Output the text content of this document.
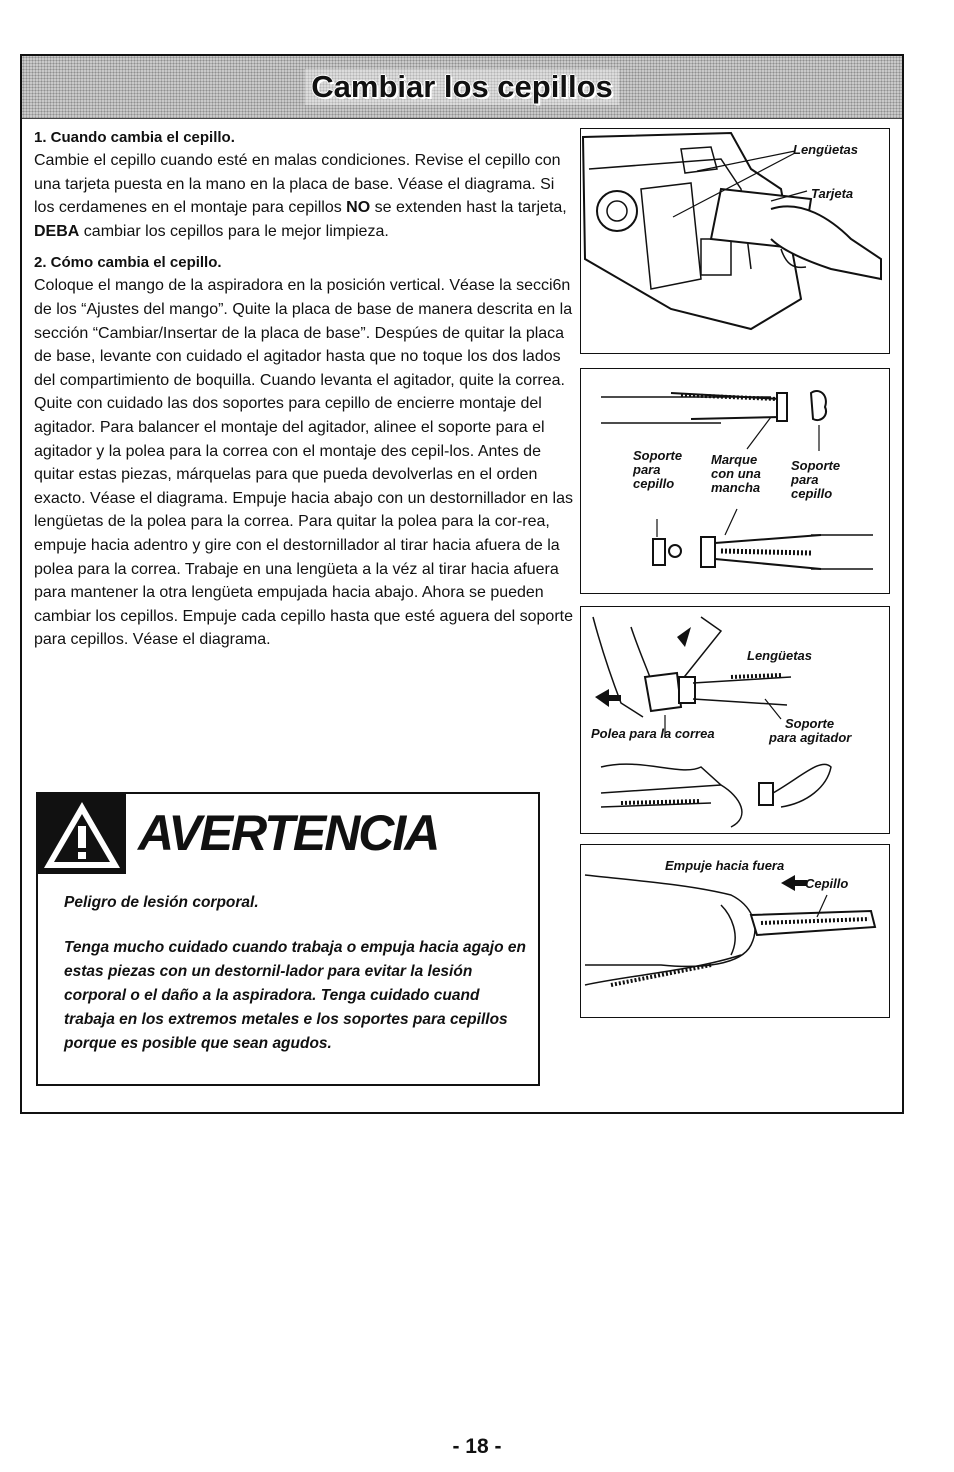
Cambiar los cepillos
1. Cuando cambia el cepillo.

Cambie el cepillo cuando esté en malas condiciones. Revise el cepillo con una tarjeta puesta en la mano en la placa de base. Véase el diagrama. Si los cerdamenes en el montaje para cepillos NO se extenden hast la tarjeta, DEBA cambiar los cepillos para le mejor limpieza.

2. Cómo cambia el cepillo.

Coloque el mango de la aspiradora en la posición vertical. Véase la secci6n de los “Ajustes del mango”. Quite la placa de base de manera descrita en la sección “Cambiar/Insertar de la placa de base”. Despúes de quitar la placa de base, levante con cuidado el agitador hasta que no toque los dos lados del compartimiento de boquilla. Cuando levanta el agitador, quite la correa. Quite con cuidado las dos soportes para cepillo de encierre montaje del agitador. Para balancer el montaje del agitador, alinee el soporte para el agitador y la polea para la correa con el montaje des cepil-los. Antes de quitar estas piezas, márquelas para que pueda devolverlas en el orden exacto. Véase el diagrama. Empuje hacia abajo con un destornillador en las lengüetas de la polea para la correa. Para quitar la polea para la cor-rea, empuje hacia adentro y gire con el destornillador al tirar hacia afuera de la polea para la correa. Trabaje en una lengüeta a la véz al tirar hacia afuera para mantener la otra lengüeta empujada hacia abajo. Ahora se pueden cambiar los cepillos. Empuje cada cepillo hasta que esté aguera del soporte para cepillos. Véase el diagrama.

AVERTENCIA
Peligro de lesión corporal.
Tenga mucho cuidado cuando trabaja o empuja hacia agajo en estas piezas con un destornil-lador para evitar la lesión corporal o el daño a la aspiradora. Tenga cuidado cuand trabaja en los extremos metales e los soportes para cepillos porque es posible que sean agudos.
Lengüetas
Tarjeta
Soporte
para
cepillo
Marque
con una
mancha
Soporte
para
cepillo
Lengüetas
Polea para la correa
Soporte
para agitador
Empuje hacia fuera
Cepillo
- 18 -
